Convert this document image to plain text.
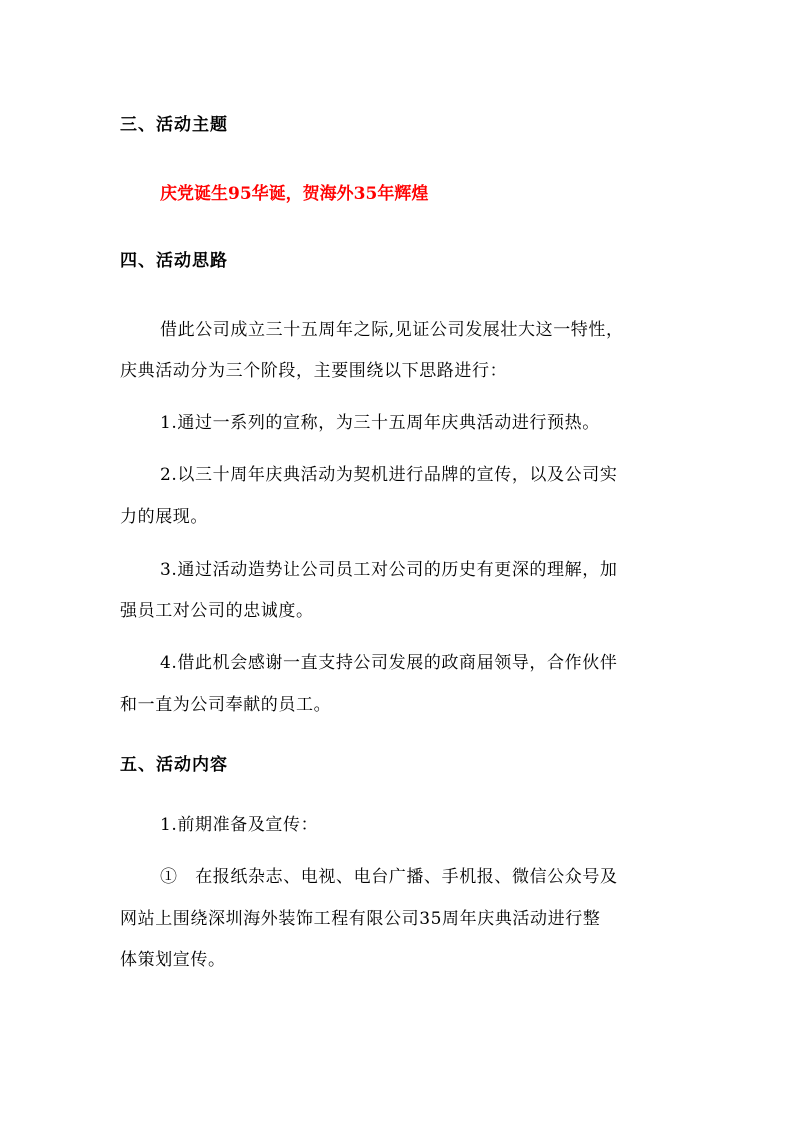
三、活动主题
庆党诞生95华诞，贺海外35年辉煌
四、活动思路
借此公司成立三十五周年之际,见证公司发展壮大这一特性，
庆典活动分为三个阶段，主要围绕以下思路进行：
1.通过一系列的宣称，为三十五周年庆典活动进行预热。
2.以三十周年庆典活动为契机进行品牌的宣传，以及公司实
力的展现。
3.通过活动造势让公司员工对公司的历史有更深的理解，加
强员工对公司的忠诚度。
4.借此机会感谢一直支持公司发展的政商届领导，合作伙伴
和一直为公司奉献的员工。
五、活动内容
1.前期准备及宣传：
①　在报纸杂志、电视、电台广播、手机报、微信公众号及
网站上围绕深圳海外装饰工程有限公司35周年庆典活动进行整
体策划宣传。
